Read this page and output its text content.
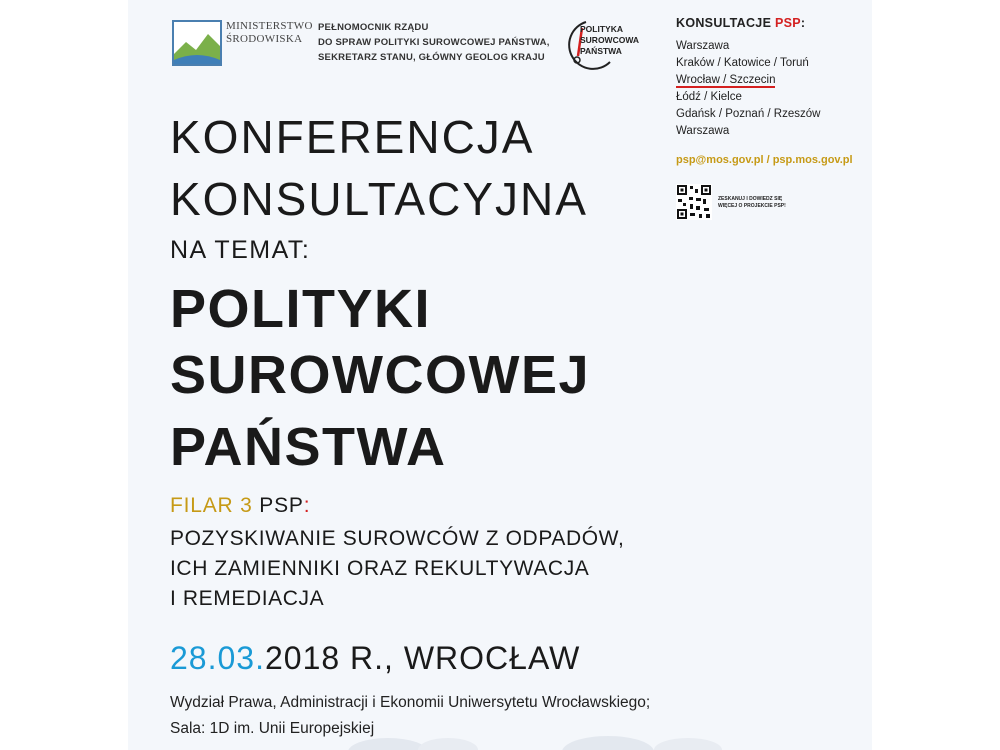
MINISTERSTWO
ŚRODOWISKA
PEŁNOMOCNIK RZĄDU
DO SPRAW POLITYKI SUROWCOWEJ PAŃSTWA,
SEKRETARZ STANU, GŁÓWNY GEOLOG KRAJU
POLITYKA
SUROWCOWA
PAŃSTWA
KONSULTACJE PSP:
Warszawa
Kraków / Katowice / Toruń
Wrocław / Szczecin
Łódź / Kielce
Gdańsk / Poznań / Rzeszów
Warszawa
psp@mos.gov.pl / psp.mos.gov.pl
ZESKANUJ I DOWIEDZ SIĘ WIĘCEJ O PROJEKCIE PSP!
KONFERENCJA
KONSULTACYJNA
NA TEMAT:
POLITYKI
SUROWCOWEJ
PAŃSTWA
FILAR 3 PSP:
POZYSKIWANIE SUROWCÓW Z ODPADÓW,
ICH ZAMIENNIKI ORAZ REKULTYWACJA
I REMEDIACJA
28.03.2018 R., WROCŁAW
Wydział Prawa, Administracji i Ekonomii Uniwersytetu Wrocławskiego;
Sala: 1D im. Unii Europejskiej
